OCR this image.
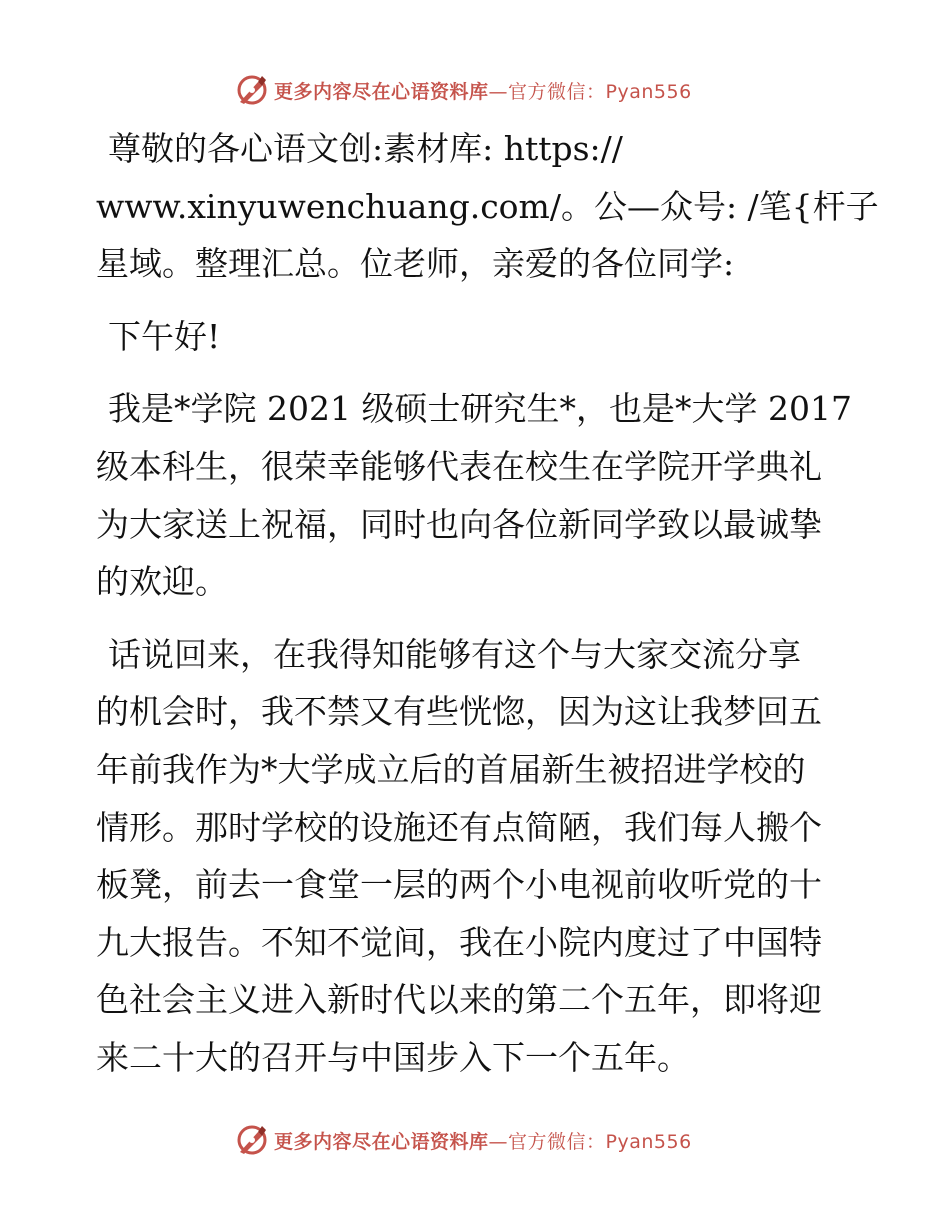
更多内容尽在心语资料库—官方微信：Pyan556

尊敬的各心语文创:素材库: https://
www.xinyuwenchuang.com/。公—众号: /笔{杆子
星域。整理汇总。位老师，亲爱的各位同学:

下午好!

我是*学院 2021 级硕士研究生*，也是*大学 2017
级本科生，很荣幸能够代表在校生在学院开学典礼
为大家送上祝福，同时也向各位新同学致以最诚挚
的欢迎。

话说回来，在我得知能够有这个与大家交流分享
的机会时，我不禁又有些恍惚，因为这让我梦回五
年前我作为*大学成立后的首届新生被招进学校的
情形。那时学校的设施还有点简陋，我们每人搬个
板凳，前去一食堂一层的两个小电视前收听党的十
九大报告。不知不觉间，我在小院内度过了中国特
色社会主义进入新时代以来的第二个五年，即将迎
来二十大的召开与中国步入下一个五年。

更多内容尽在心语资料库—官方微信：Pyan556
